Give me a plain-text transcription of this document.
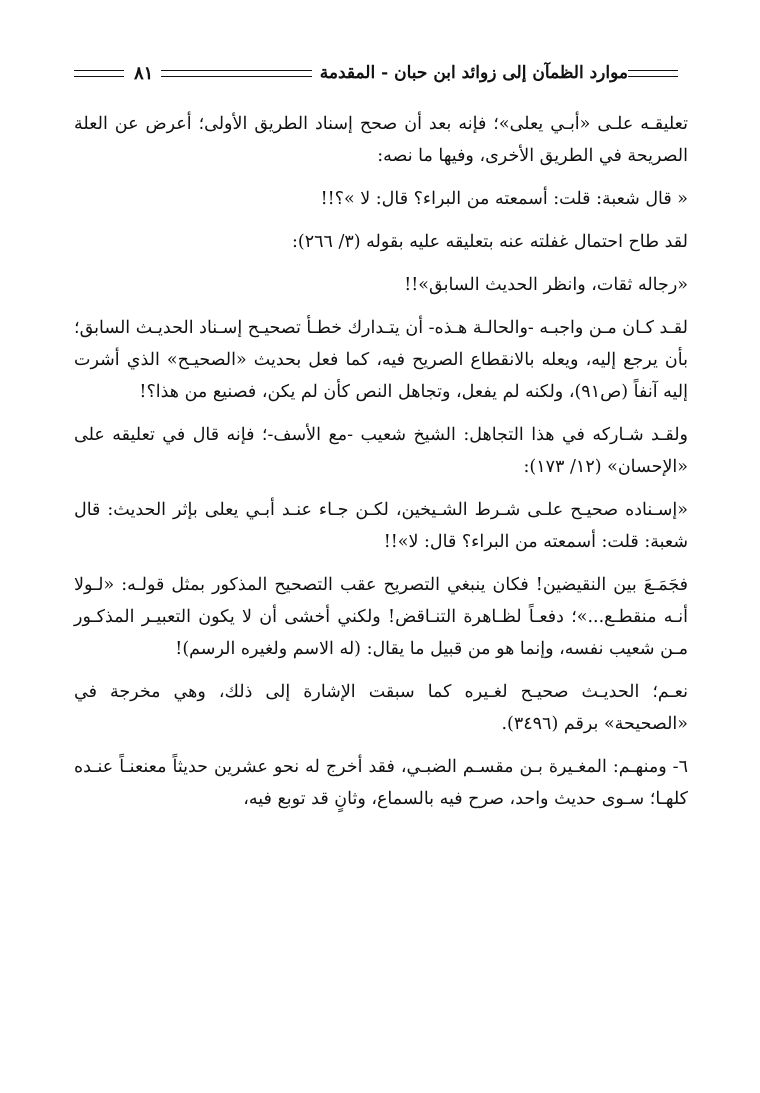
موارد الظمآن إلى زوائد ابن حبان - المقدمة
٨١

تعليقـه علـى «أبـي يعلى»؛ فإنه بعد أن صحح إسناد الطريق الأولى؛ أعرض عن العلة الصريحة في الطريق الأخرى، وفيها ما نصه:

« قال شعبة: قلت: أسمعته من البراء؟ قال: لا »؟!!

لقد طاح احتمال غفلته عنه بتعليقه عليه بقوله (٣/ ٢٦٦):

«رجاله ثقات، وانظر الحديث السابق»!!

لقـد كـان مـن واجبـه -والحالـة هـذه- أن يتـدارك خطـأ تصحيـح إسـناد الحديـث السابق؛ بأن يرجع إليه، ويعله بالانقطاع الصريح فيه، كما فعل بحديث «الصحيـح» الذي أشرت إليه آنفاً (ص٩١)، ولكنه لم يفعل، وتجاهل النص كأن لم يكن، فصنيع من هذا؟!

ولقـد شـاركه في هذا التجاهل: الشيخ شعيب -مع الأسف-؛ فإنه قال في تعليقه على «الإحسان» (١٢/ ١٧٣):

«إسـناده صحيـح علـى شـرط الشـيخين، لكـن جـاء عنـد أبـي يعلى بإثر الحديث: قال شعبة: قلت: أسمعته من البراء؟ قال: لا»!!

فجَمَـعَ بين النقيضين! فكان ينبغي التصريح عقب التصحيح المذكور بمثل قولـه: «لـولا أنـه منقطـع...»؛ دفعـاً لظـاهرة التنـاقض! ولكني أخشى أن لا يكون التعبيـر المذكـور مـن شعيب نفسه، وإنما هو من قبيل ما يقال: (له الاسم ولغيره الرسم)!

نعـم؛ الحديـث صحيـح لغـيره كما سبقت الإشارة إلى ذلك، وهي مخرجة في «الصحيحة» برقم (٣٤٩٦).

٦- ومنهـم: المغـيرة بـن مقسـم الضبـي، فقد أخرج له نحو عشرين حديثاً معنعنـاً عنـده كلهـا؛ سـوى حديث واحد، صرح فيه بالسماع، وثانٍ قد توبع فيه،
